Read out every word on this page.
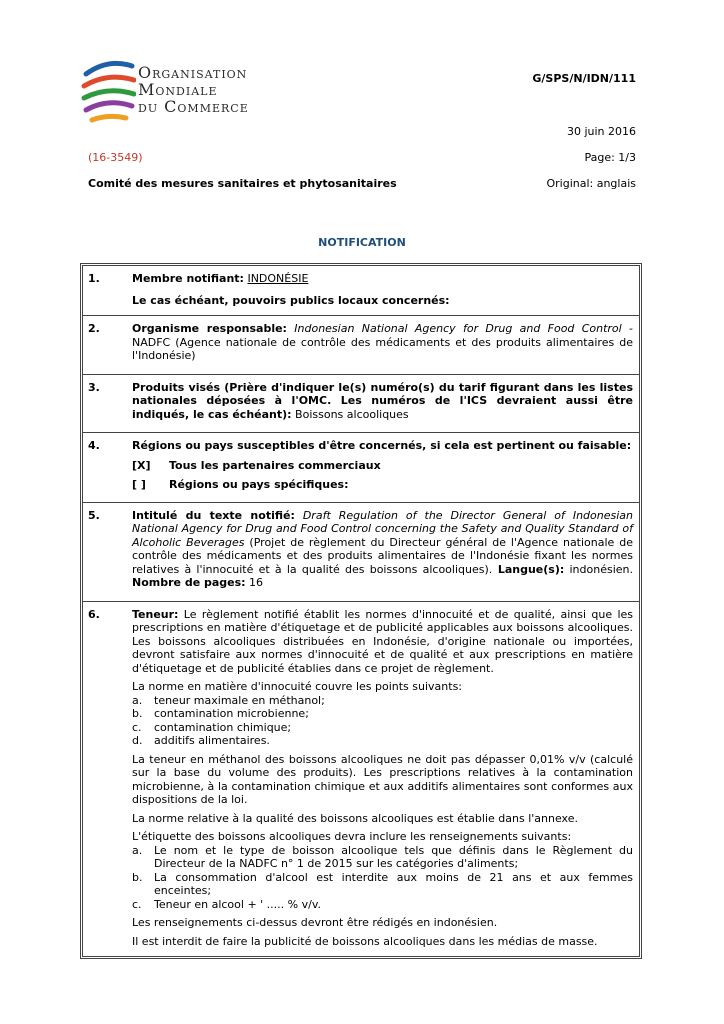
Organisation
Mondiale
du Commerce
G/SPS/N/IDN/111
30 juin 2016
(16-3549)	Page: 1/3
Comité des mesures sanitaires et phytosanitaires	Original: anglais
NOTIFICATION
1.	Membre notifiant: INDONÉSIE

Le cas échéant, pouvoirs publics locaux concernés:

2.	Organisme responsable: Indonesian National Agency for Drug and Food Control - NADFC (Agence nationale de contrôle des médicaments et des produits alimentaires de l'Indonésie)

3.	Produits visés (Prière d'indiquer le(s) numéro(s) du tarif figurant dans les listes nationales déposées à l'OMC. Les numéros de l'ICS devraient aussi être indiqués, le cas échéant): Boissons alcooliques

4.	Régions ou pays susceptibles d'être concernés, si cela est pertinent ou faisable:

[X]	Tous les partenaires commerciaux
[ ]	Régions ou pays spécifiques:
5.	Intitulé du texte notifié: Draft Regulation of the Director General of Indonesian National Agency for Drug and Food Control concerning the Safety and Quality Standard of Alcoholic Beverages (Projet de règlement du Directeur général de l'Agence nationale de contrôle des médicaments et des produits alimentaires de l'Indonésie fixant les normes relatives à l'innocuité et à la qualité des boissons alcooliques). Langue(s): indonésien. Nombre de pages: 16

6.	Teneur: Le règlement notifié établit les normes d'innocuité et de qualité, ainsi que les prescriptions en matière d'étiquetage et de publicité applicables aux boissons alcooliques. Les boissons alcooliques distribuées en Indonésie, d'origine nationale ou importées, devront satisfaire aux normes d'innocuité et de qualité et aux prescriptions en matière d'étiquetage et de publicité établies dans ce projet de règlement.

La norme en matière d'innocuité couvre les points suivants:

a.	teneur maximale en méthanol;
b.	contamination microbienne;
c.	contamination chimique;
d.	additifs alimentaires.

La teneur en méthanol des boissons alcooliques ne doit pas dépasser 0,01% v/v (calculé sur la base du volume des produits). Les prescriptions relatives à la contamination microbienne, à la contamination chimique et aux additifs alimentaires sont conformes aux dispositions de la loi.

La norme relative à la qualité des boissons alcooliques est établie dans l'annexe.

L'étiquette des boissons alcooliques devra inclure les renseignements suivants:

a.	Le nom et le type de boisson alcoolique tels que définis dans le Règlement du Directeur de la NADFC n° 1 de 2015 sur les catégories d'aliments;
b.	La consommation d'alcool est interdite aux moins de 21 ans et aux femmes enceintes;
c.	Teneur en alcool + ' ..... % v/v.

Les renseignements ci-dessus devront être rédigés en indonésien.

Il est interdit de faire la publicité de boissons alcooliques dans les médias de masse.
